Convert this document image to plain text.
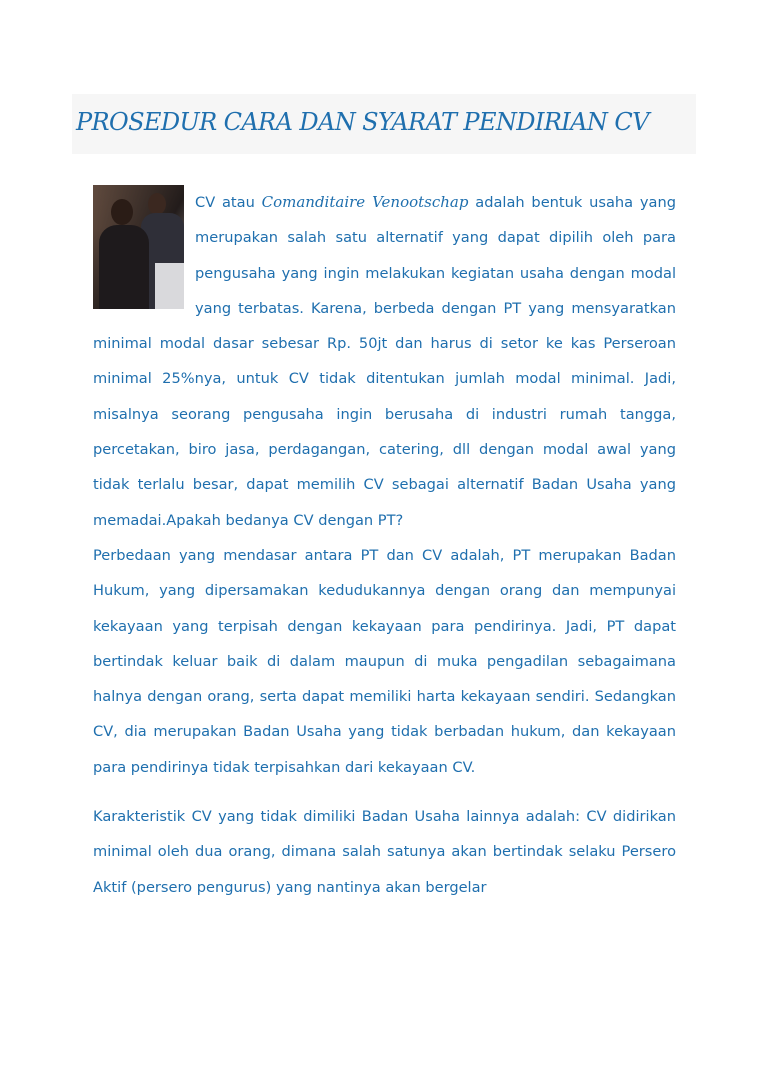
PROSEDUR CARA DAN SYARAT PENDIRIAN CV

CV atau Comanditaire Venootschap adalah bentuk usaha yang merupakan salah satu alternatif yang dapat dipilih oleh para pengusaha yang ingin melakukan kegiatan usaha dengan modal yang terbatas. Karena, berbeda dengan PT yang mensyaratkan minimal modal dasar sebesar Rp. 50jt dan harus di setor ke kas Perseroan minimal 25%nya, untuk CV tidak ditentukan jumlah modal minimal. Jadi, misalnya seorang pengusaha ingin berusaha di industri rumah tangga, percetakan, biro jasa, perdagangan, catering, dll dengan modal awal yang tidak terlalu besar, dapat memilih CV sebagai alternatif Badan Usaha yang memadai.Apakah bedanya CV dengan PT?

Perbedaan yang mendasar antara PT dan CV adalah, PT merupakan Badan Hukum, yang dipersamakan kedudukannya dengan orang dan mempunyai kekayaan yang terpisah dengan kekayaan para pendirinya. Jadi, PT dapat bertindak keluar baik di dalam maupun di muka pengadilan sebagaimana halnya dengan orang, serta dapat memiliki harta kekayaan sendiri. Sedangkan CV, dia merupakan Badan Usaha yang tidak berbadan hukum, dan kekayaan para pendirinya tidak terpisahkan dari kekayaan CV.

Karakteristik CV yang tidak dimiliki Badan Usaha lainnya adalah: CV didirikan minimal oleh dua orang, dimana salah satunya akan bertindak selaku Persero Aktif (persero pengurus) yang nantinya akan bergelar
